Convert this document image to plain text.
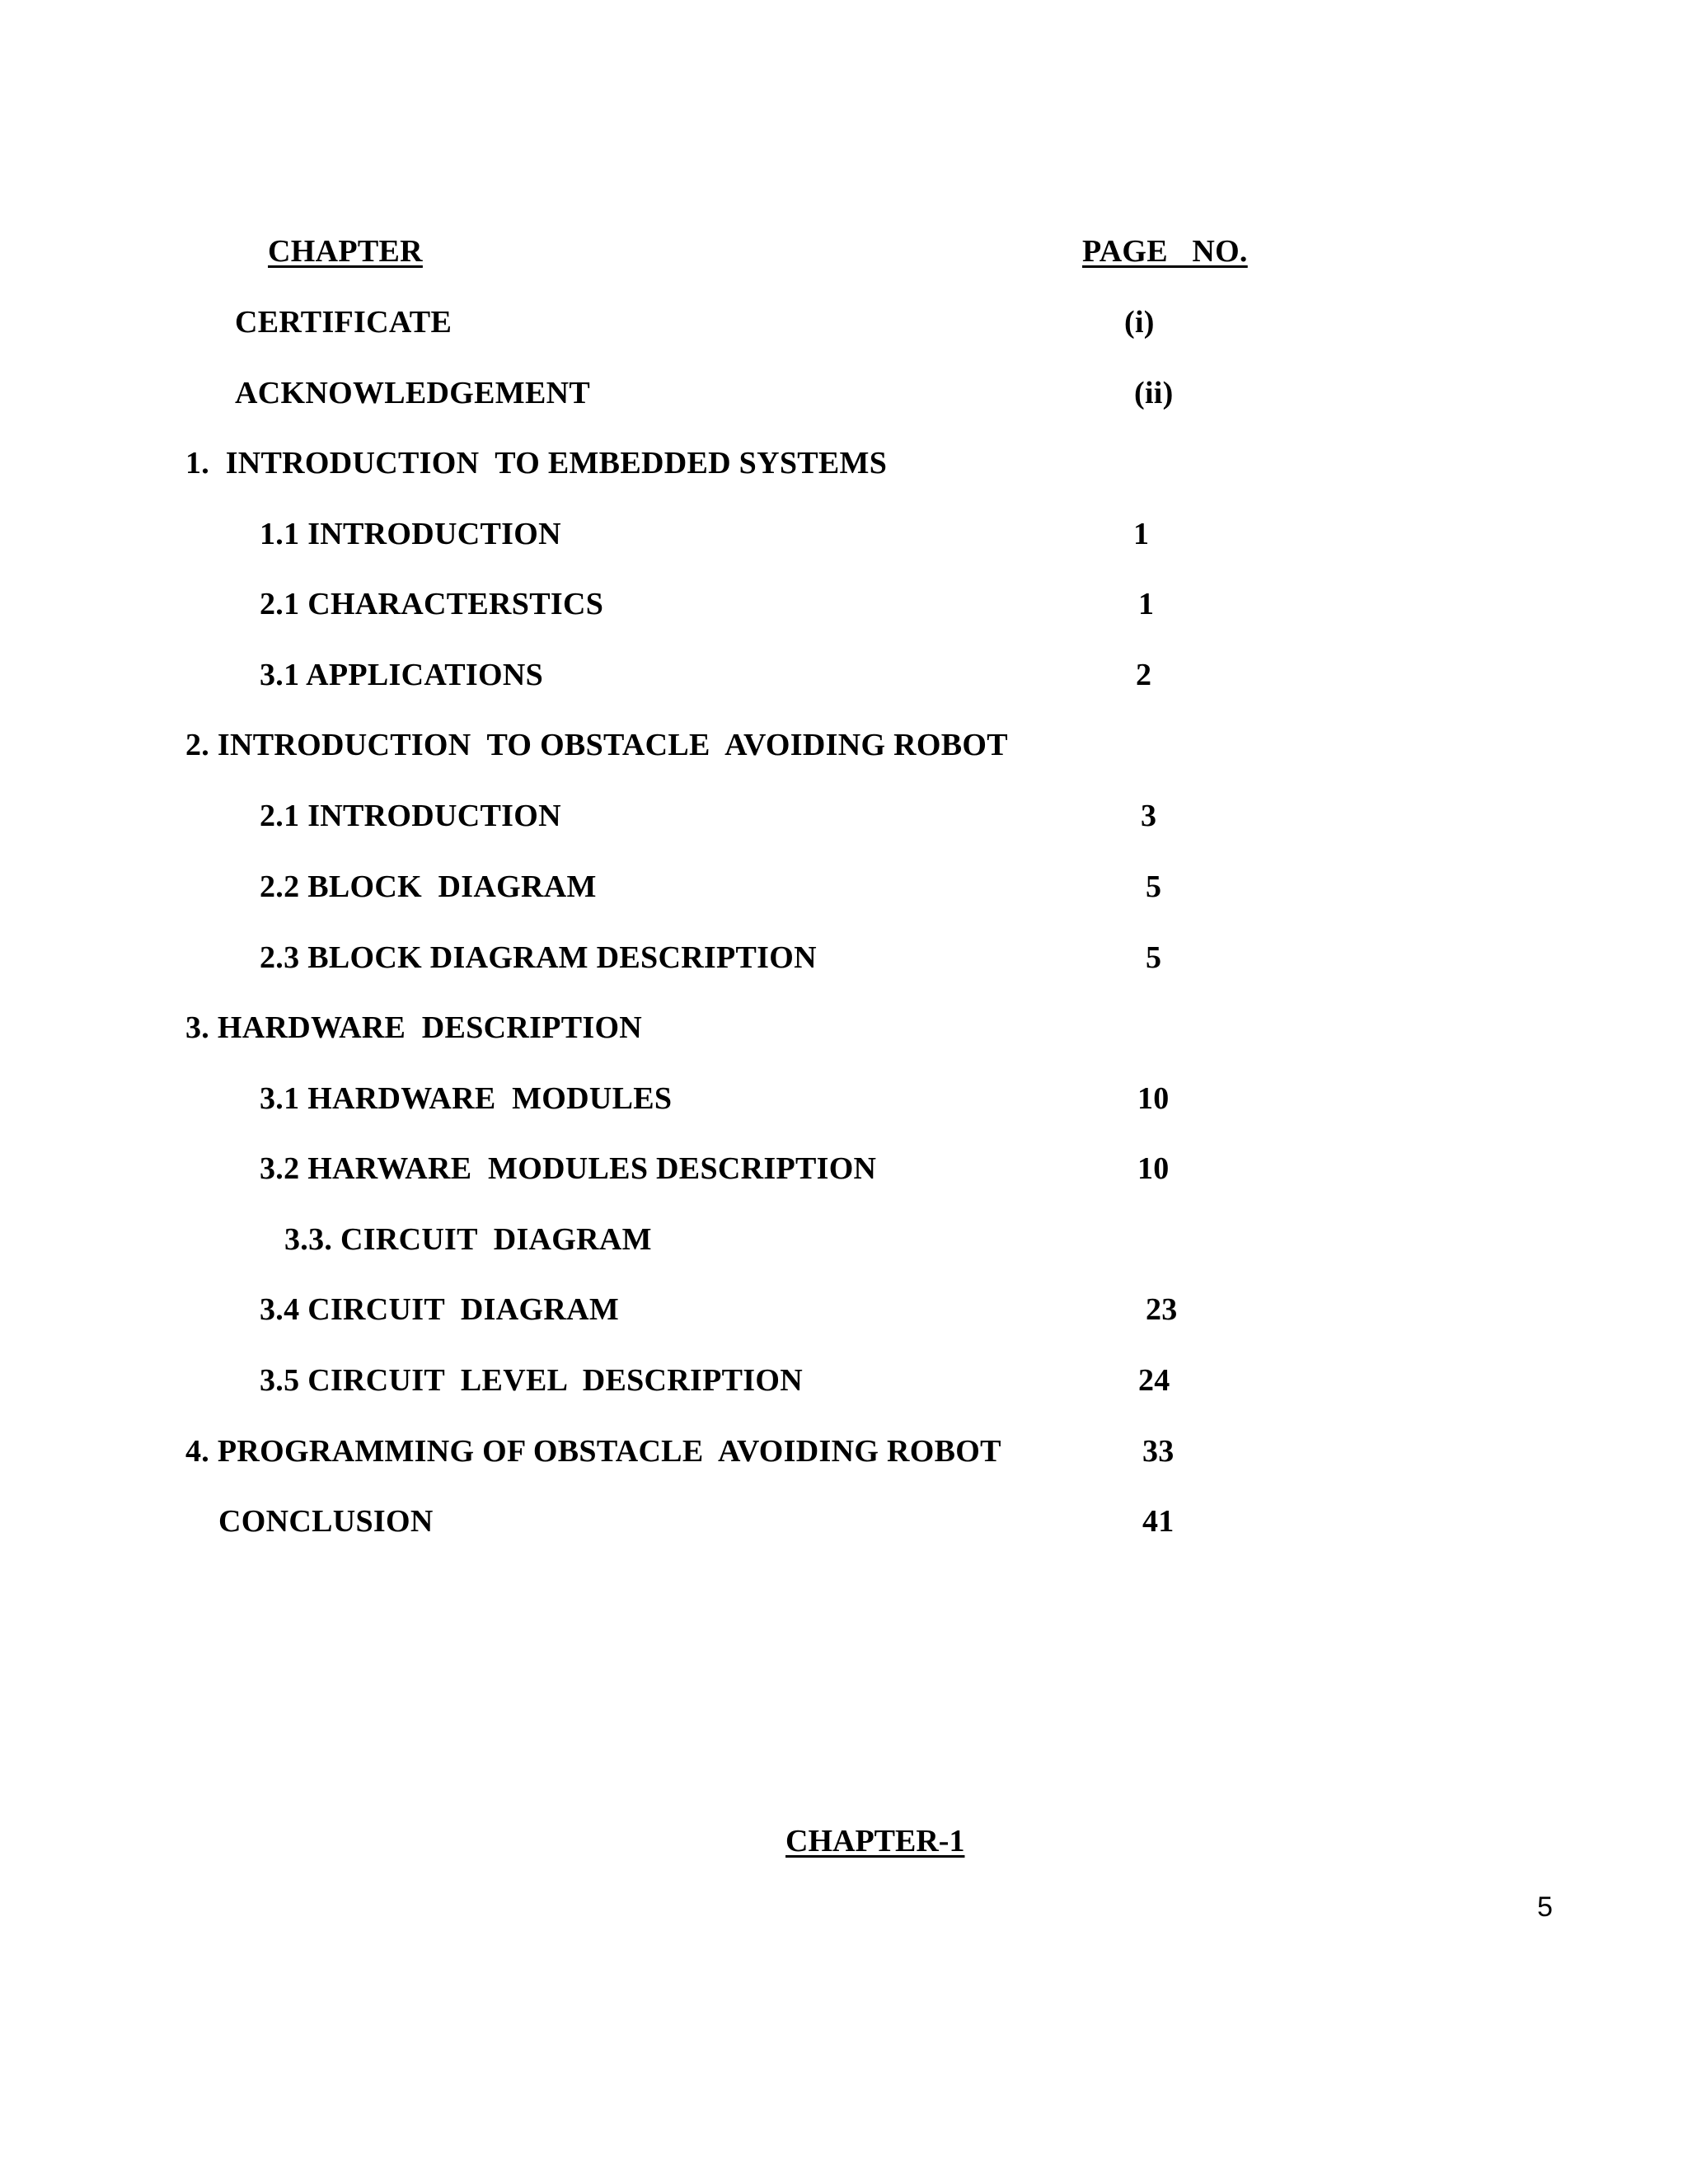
CHAPTER	PAGE   NO.
CERTIFICATE	(i)
ACKNOWLEDGEMENT	(ii)
1.  INTRODUCTION  TO EMBEDDED SYSTEMS
1.1 INTRODUCTION	1
2.1 CHARACTERSTICS	1
3.1 APPLICATIONS	2
2. INTRODUCTION  TO OBSTACLE  AVOIDING ROBOT
2.1 INTRODUCTION	3
2.2 BLOCK  DIAGRAM	5
2.3 BLOCK DIAGRAM DESCRIPTION	5
3. HARDWARE  DESCRIPTION
3.1 HARDWARE  MODULES	10
3.2 HARWARE  MODULES DESCRIPTION	10
3.3. CIRCUIT  DIAGRAM
3.4 CIRCUIT  DIAGRAM	23
3.5 CIRCUIT  LEVEL  DESCRIPTION	24
4. PROGRAMMING OF OBSTACLE  AVOIDING ROBOT	33
CONCLUSION	41
CHAPTER-1
5
